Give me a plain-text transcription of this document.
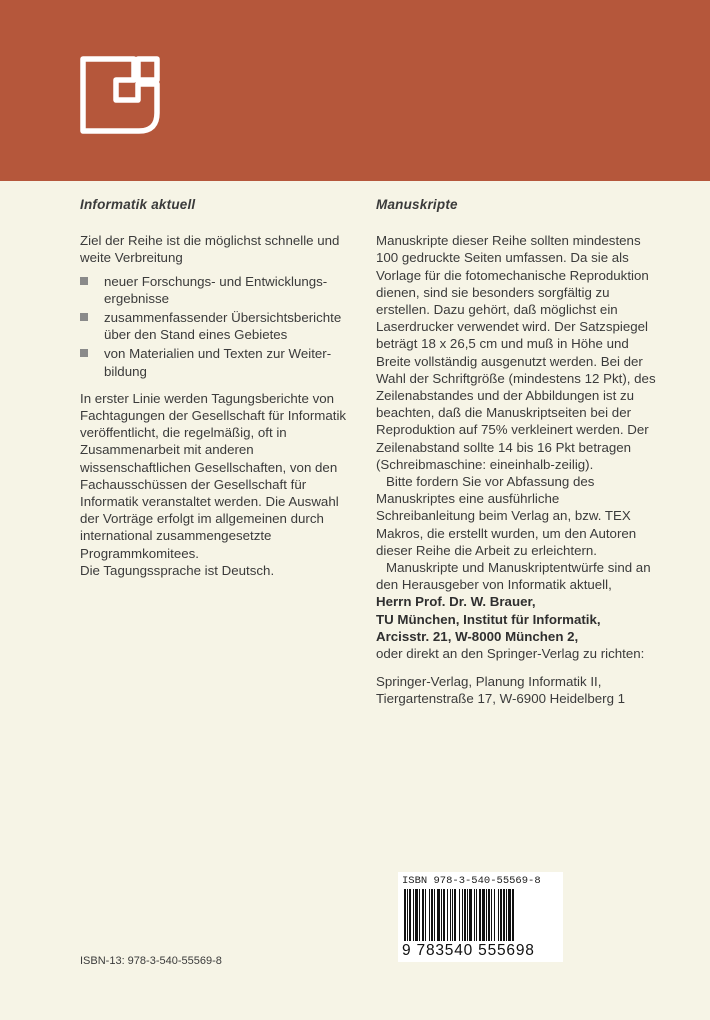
Informatik aktuell

Ziel der Reihe ist die möglichst schnelle und weite Verbreitung

neuer Forschungs- und Entwicklungs-ergebnisse
zusammenfassender Übersichtsberichte über den Stand eines Gebietes
von Materialien und Texten zur Weiter-bildung

In erster Linie werden Tagungsberichte von Fachtagungen der Gesellschaft für Informatik veröffentlicht, die regelmäßig, oft in Zusammenarbeit mit anderen wissenschaftlichen Gesellschaften, von den Fachausschüssen der Gesellschaft für Informatik veranstaltet werden. Die Auswahl der Vorträge erfolgt im allgemeinen durch international zusammengesetzte Programmkomitees.

Die Tagungssprache ist Deutsch.

Manuskripte

Manuskripte dieser Reihe sollten mindestens 100 gedruckte Seiten umfassen. Da sie als Vorlage für die fotomechanische Reproduktion dienen, sind sie besonders sorgfältig zu erstellen. Dazu gehört, daß möglichst ein Laserdrucker verwendet wird. Der Satzspiegel beträgt 18 x 26,5 cm und muß in Höhe und Breite vollständig ausgenutzt werden. Bei der Wahl der Schriftgröße (mindestens 12 Pkt), des Zeilenabstandes und der Abbildungen ist zu beachten, daß die Manuskriptseiten bei der Reproduktion auf 75% verkleinert werden. Der Zeilenabstand sollte 14 bis 16 Pkt betragen (Schreibmaschine: eineinhalb-zeilig).

Bitte fordern Sie vor Abfassung des Manuskriptes eine ausführliche Schreibanleitung beim Verlag an, bzw. TEX Makros, die erstellt wurden, um den Autoren dieser Reihe die Arbeit zu erleichtern.

Manuskripte und Manuskriptentwürfe sind an den Herausgeber von Informatik aktuell,

Herrn Prof. Dr. W. Brauer,
TU München, Institut für Informatik,
Arcisstr. 21, W-8000 München 2,

oder direkt an den Springer-Verlag zu richten:

Springer-Verlag, Planung Informatik II,
Tiergartenstraße 17, W-6900 Heidelberg 1
ISBN 978-3-540-55569-8
9 783540 555698
ISBN-13: 978-3-540-55569-8
